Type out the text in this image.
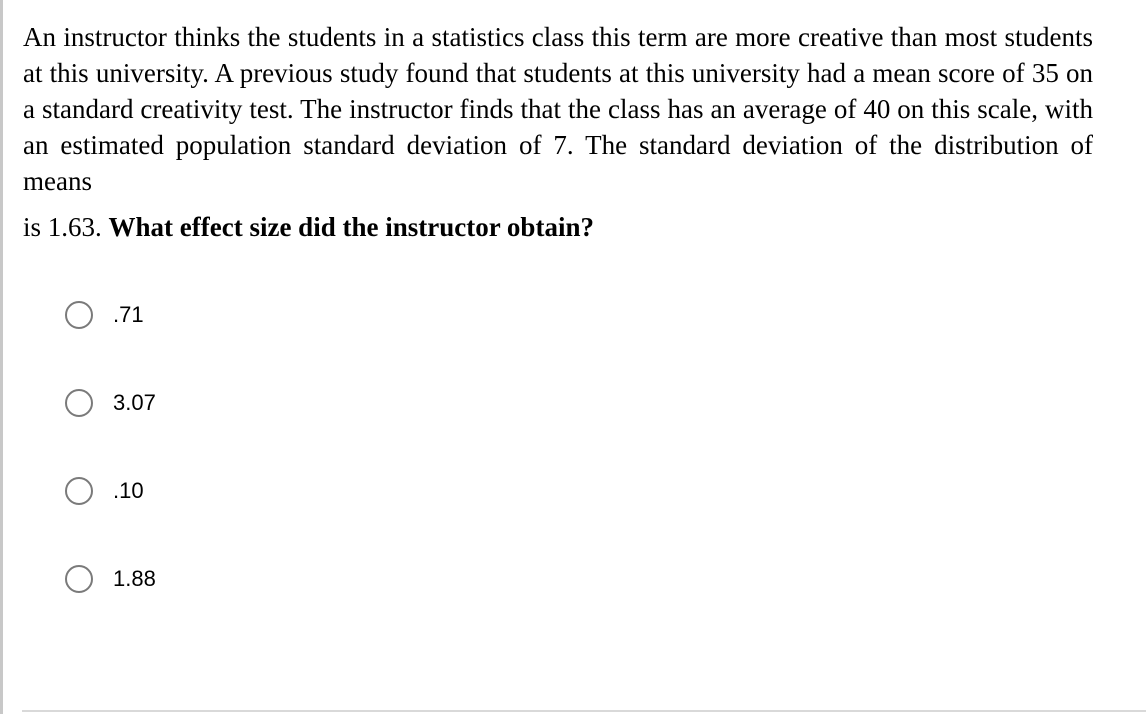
An instructor thinks the students in a statistics class this term are more creative than most students at this university. A previous study found that students at this university had a mean score of 35 on a standard creativity test. The instructor finds that the class has an average of 40 on this scale, with an estimated population standard deviation of 7. The standard deviation of the distribution of means

is 1.63. What effect size did the instructor obtain?

.71
3.07
.10
1.88
